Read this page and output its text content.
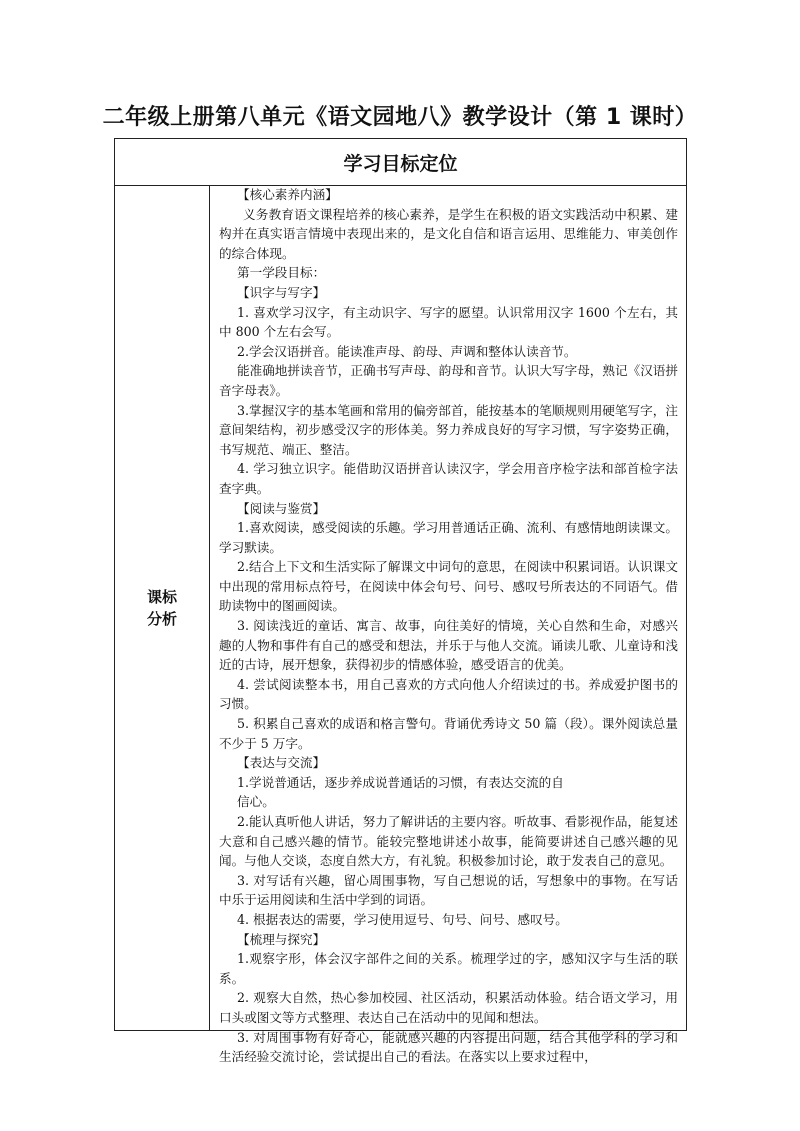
二年级上册第八单元《语文园地八》教学设计（第 1 课时）
学习目标定位
课标分析

【核心素养内涵】

义务教育语文课程培养的核心素养，是学生在积极的语文实践活动中积累、建构并在真实语言情境中表现出来的，是文化自信和语言运用、思维能力、审美创作的综合体现。

第一学段目标：

【识字与写字】

1. 喜欢学习汉字，有主动识字、写字的愿望。认识常用汉字 1600 个左右，其中 800 个左右会写。

2.学会汉语拼音。能读准声母、韵母、声调和整体认读音节。

能准确地拼读音节，正确书写声母、韵母和音节。认识大写字母，熟记《汉语拼音字母表》。

3.掌握汉字的基本笔画和常用的偏旁部首，能按基本的笔顺规则用硬笔写字，注意间架结构，初步感受汉字的形体美。努力养成良好的写字习惯，写字姿势正确，书写规范、端正、整洁。

4. 学习独立识字。能借助汉语拼音认读汉字，学会用音序检字法和部首检字法查字典。

【阅读与鉴赏】

1.喜欢阅读，感受阅读的乐趣。学习用普通话正确、流利、有感情地朗读课文。学习默读。

2.结合上下文和生活实际了解课文中词句的意思，在阅读中积累词语。认识课文中出现的常用标点符号，在阅读中体会句号、问号、感叹号所表达的不同语气。借助读物中的图画阅读。

3. 阅读浅近的童话、寓言、故事，向往美好的情境，关心自然和生命，对感兴趣的人物和事件有自己的感受和想法，并乐于与他人交流。诵读儿歌、儿童诗和浅近的古诗，展开想象，获得初步的情感体验，感受语言的优美。

4. 尝试阅读整本书，用自己喜欢的方式向他人介绍读过的书。养成爱护图书的习惯。

5. 积累自己喜欢的成语和格言警句。背诵优秀诗文 50 篇（段）。课外阅读总量不少于 5 万字。

【表达与交流】

1.学说普通话，逐步养成说普通话的习惯，有表达交流的自

信心。

2.能认真听他人讲话，努力了解讲话的主要内容。听故事、看影视作品，能复述大意和自己感兴趣的情节。能较完整地讲述小故事，能简要讲述自己感兴趣的见闻。与他人交谈，态度自然大方，有礼貌。积极参加讨论，敢于发表自己的意见。

3. 对写话有兴趣，留心周围事物，写自己想说的话，写想象中的事物。在写话中乐于运用阅读和生活中学到的词语。

4. 根据表达的需要，学习使用逗号、句号、问号、感叹号。

【梳理与探究】

1.观察字形，体会汉字部件之间的关系。梳理学过的字，感知汉字与生活的联系。

2. 观察大自然，热心参加校园、社区活动，积累活动体验。结合语文学习，用口头或图文等方式整理、表达自己在活动中的见闻和想法。

3. 对周围事物有好奇心，能就感兴趣的内容提出问题，结合其他学科的学习和生活经验交流讨论，尝试提出自己的看法。在落实以上要求过程中，
